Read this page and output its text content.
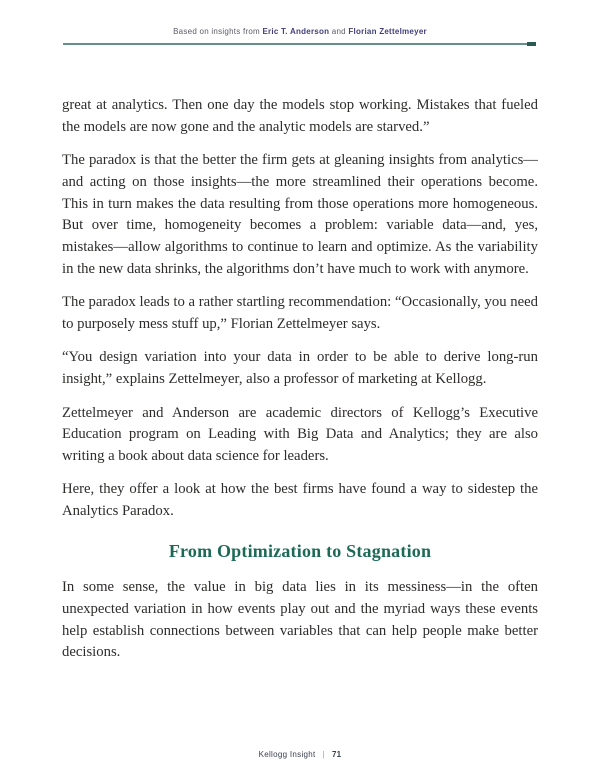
Based on insights from Eric T. Anderson and Florian Zettelmeyer

great at analytics. Then one day the models stop working. Mistakes that fueled the models are now gone and the analytic models are starved.”

The paradox is that the better the firm gets at gleaning insights from analytics—and acting on those insights—the more streamlined their operations become. This in turn makes the data resulting from those operations more homogeneous. But over time, homogeneity becomes a problem: variable data—and, yes, mistakes—allow algorithms to continue to learn and optimize. As the variability in the new data shrinks, the algorithms don’t have much to work with anymore.

The paradox leads to a rather startling recommendation: “Occasionally, you need to purposely mess stuff up,” Florian Zettelmeyer says.

“You design variation into your data in order to be able to derive long-run insight,” explains Zettelmeyer, also a professor of marketing at Kellogg.

Zettelmeyer and Anderson are academic directors of Kellogg’s Executive Education program on Leading with Big Data and Analytics; they are also writing a book about data science for leaders.

Here, they offer a look at how the best firms have found a way to sidestep the Analytics Paradox.

From Optimization to Stagnation

In some sense, the value in big data lies in its messiness—in the often unexpected variation in how events play out and the myriad ways these events help establish connections between variables that can help people make better decisions.

Kellogg Insight | 71
